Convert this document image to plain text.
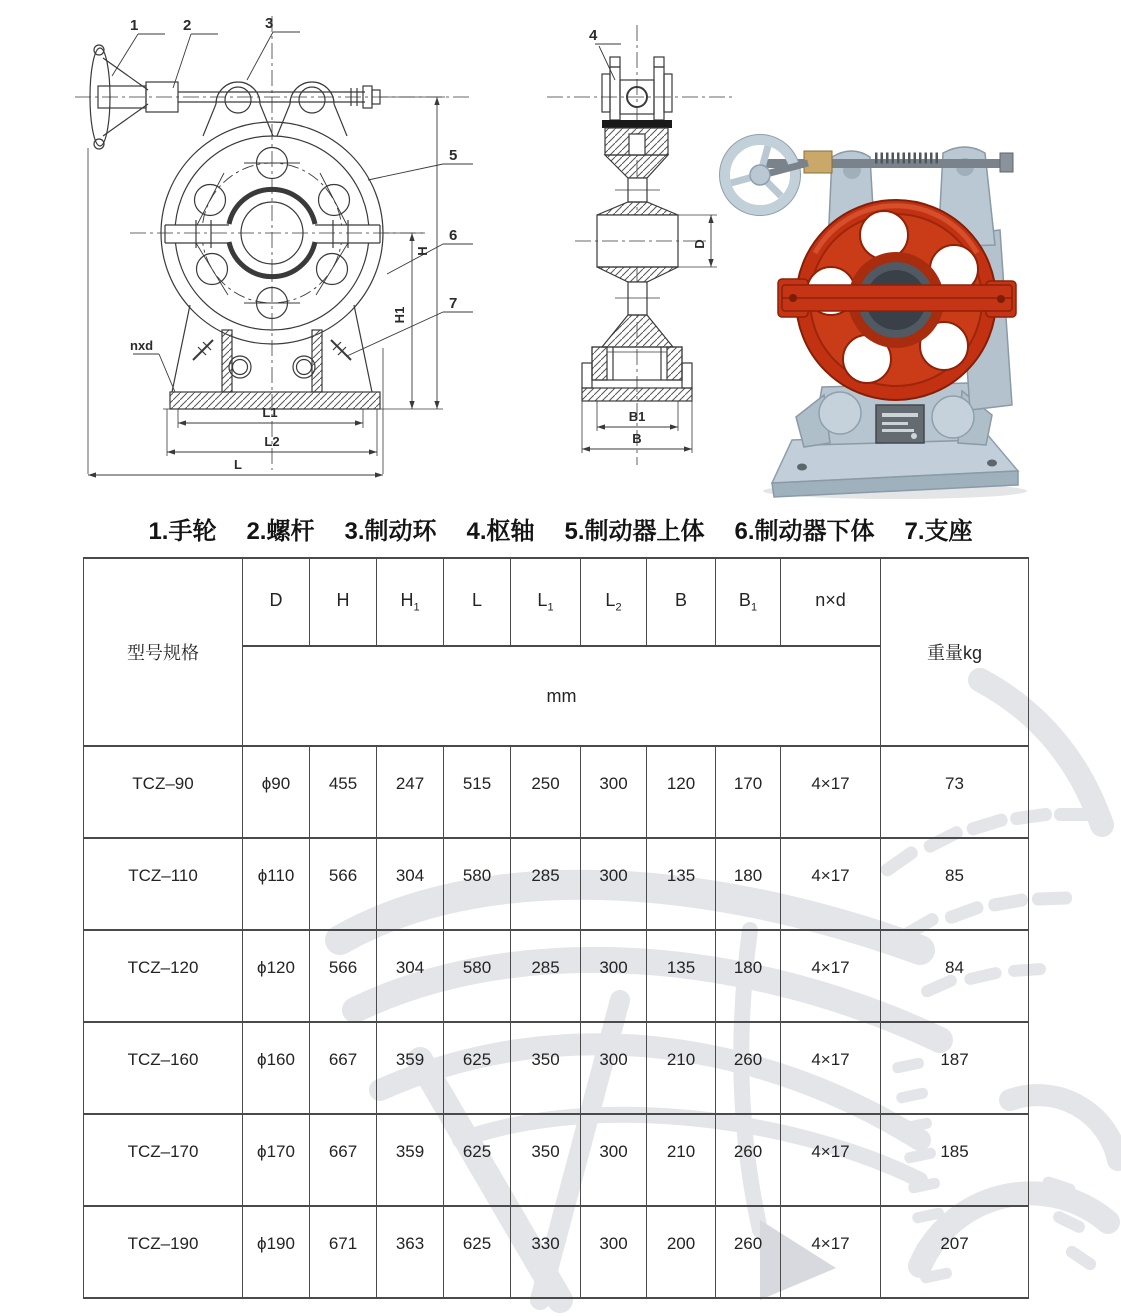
1	2	3
5
6
7
nxd
L1
L2
L
H1
H
4
B1
B
D
1.手轮 2.螺杆 3.制动环 4.枢轴 5.制动器上体 6.制动器下体 7.支座
型号规格	D	H	$H_1$	L	$L_1$	$L_2$	B	$B_1$	n×d	重量kg
	mm									
TCZ–90	ϕ90	455	247	515	250	300	120	170	4×17	73
TCZ–110	ϕ110	566	304	580	285	300	135	180	4×17	85
TCZ–120	ϕ120	566	304	580	285	300	135	180	4×17	84
TCZ–160	ϕ160	667	359	625	350	300	210	260	4×17	187
TCZ–170	ϕ170	667	359	625	350	300	210	260	4×17	185
TCZ–190	ϕ190	671	363	625	330	300	200	260	4×17	207
